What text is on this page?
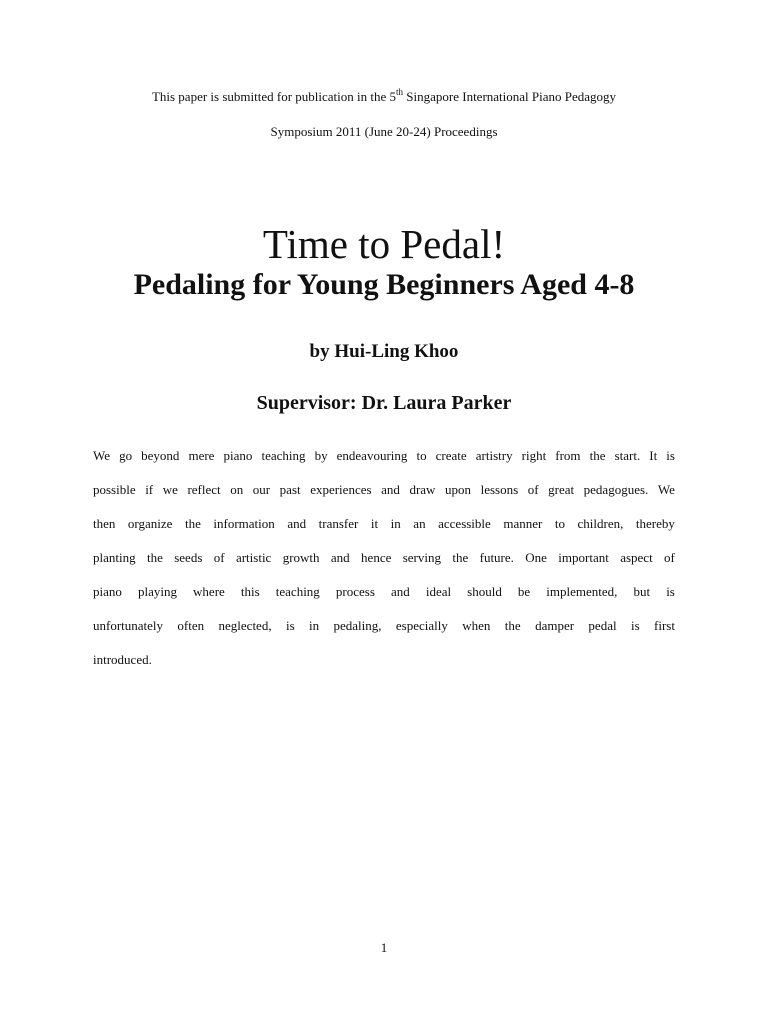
This paper is submitted for publication in the 5th Singapore International Piano Pedagogy
Symposium 2011 (June 20-24) Proceedings
Time to Pedal!
Pedaling for Young Beginners Aged 4-8
by Hui-Ling Khoo
Supervisor: Dr. Laura Parker
We go beyond mere piano teaching by endeavouring to create artistry right from the start. It is
possible if we reflect on our past experiences and draw upon lessons of great pedagogues. We
then organize the information and transfer it in an accessible manner to children, thereby
planting the seeds of artistic growth and hence serving the future. One important aspect of
piano playing where this teaching process and ideal should be implemented, but is
unfortunately often neglected, is in pedaling, especially when the damper pedal is first
introduced.
1
